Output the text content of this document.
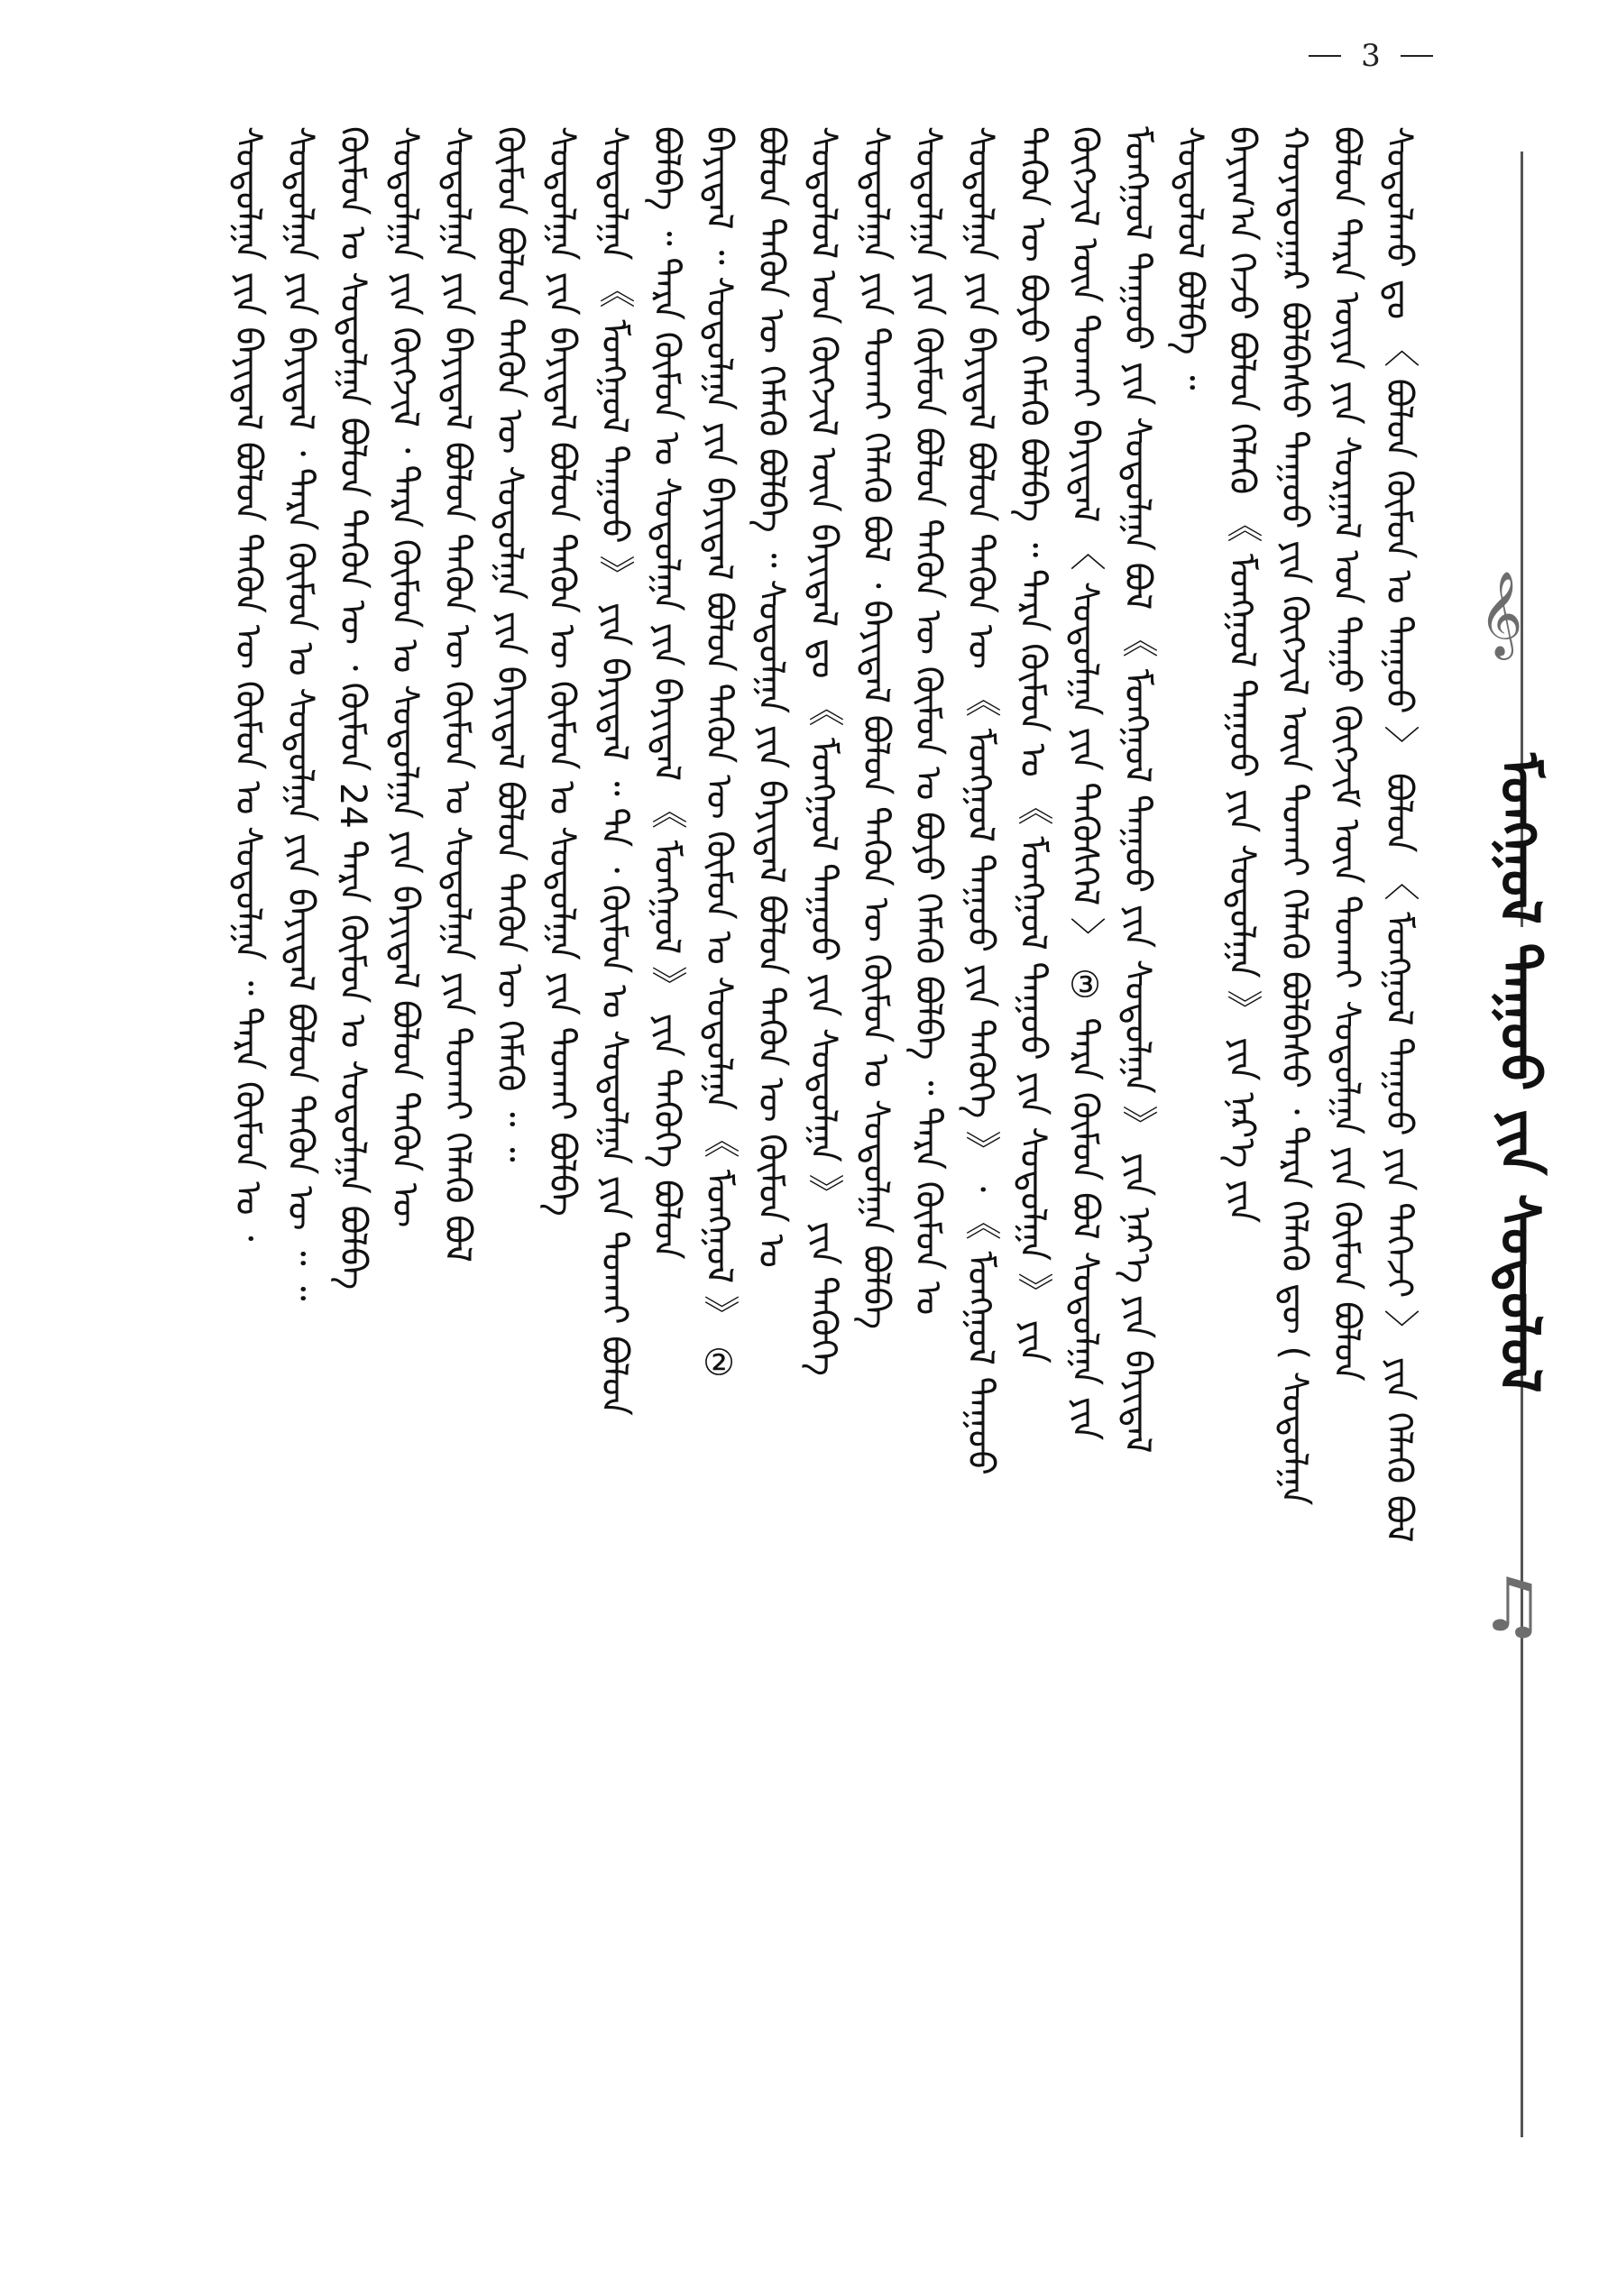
3
𝄞
♫
ᠮᠣᠩᠭᠣᠯ ᠳᠠᠭᠤᠤ ᠶᠢᠨ ᠰᠤᠳᠤᠯᠤᠯ
ᠰᠤᠳᠤᠯᠬᠤ ᠳᠤ 〈 ᠪᠣᠯᠤᠨ ᠬᠦᠮᠦᠨ ᠤ ᠳᠠᠭᠤᠤ 〉 ᠪᠣᠯᠤᠨ 〈 ᠮᠣᠩᠭᠣᠯ ᠳᠠᠭᠤᠤ ᠶᠢᠨ ᠳᠡᠭᠡᠵᠢ 〉 ᠶᠢᠨ ᠬᠡᠯᠡᠬᠦ ᠪᠣᠯ
ᠪᠣᠯᠤᠨ ᠲᠡᠷᠡ ᠦᠶᠡ ᠶᠢᠨ ᠰᠤᠷᠭᠠᠯ ᠤᠨ ᠲᠠᠭᠤ ᠬᠦᠭᠵᠢᠮ ᠦᠨ ᠲᠤᠬᠠᠢ ᠰᠤᠳᠤᠯᠭᠠ ᠶᠢᠨ ᠬᠦᠮᠦᠨ ᠪᠣᠯᠤᠨ
ᠬᠣᠶᠠᠳᠤᠭᠠᠷ ᠪᠣᠯᠪᠠᠰᠤ ᠳᠠᠭᠤᠤ ᠶᠢᠨ ᠬᠥᠭᠵᠢᠯ ᠦᠨ ᠲᠤᠬᠠᠢ ᠬᠡᠯᠡᠬᠦ ᠪᠣᠯᠪᠠᠰᠤ ᠂ ᠲᠡᠷᠡ ᠬᠡᠯᠡᠬᠦ ᠳᠦ ( ᠰᠤᠳᠤᠯᠭᠠ
ᠪᠠᠶᠢᠭ᠎ᠠ ᠭᠡᠵᠦ ᠪᠣᠯᠤᠨ ᠬᠡᠯᠡᠬᠦ 《 ᠮᠣᠩᠭᠣᠯ ᠳᠠᠭᠤᠤ ᠶᠢᠨ ᠰᠤᠳᠤᠯᠭᠠ 》 ᠶᠢᠨ ᠨᠡᠷ᠎ᠡ ᠶᠢᠨ
ᠰᠤᠳᠤᠯᠤᠯ ᠪᠣᠯᠪᠠ ᠃
ᠮᠣᠩᠭᠣᠯ ᠳᠠᠭᠤᠤ ᠶᠢᠨ ᠰᠤᠳᠤᠯᠭᠠ ᠪᠣᠯ 《 ᠮᠣᠩᠭᠣᠯ ᠳᠠᠭᠤᠤ ᠶᠢᠨ ᠰᠤᠳᠤᠯᠭᠠ 》 ᠶᠢᠨ ᠨᠡᠷ᠎ᠡ ᠶᠢᠨ ᠪᠠᠶᠢᠳᠠᠯ
ᠬᠥᠭᠵᠢᠯ ᠦᠨ ᠲᠤᠬᠠᠢ ᠪᠠᠶᠢᠳᠠᠯ 〈 ᠰᠤᠳᠤᠯᠭᠠ ᠶᠢᠨ ᠲᠡᠭᠦᠰᠬᠡᠯ 〉 ③ ᠲᠡᠷᠡ ᠬᠦᠮᠦᠨ ᠪᠣᠯ ᠰᠤᠳᠤᠯᠭᠠ ᠶᠢᠨ
ᠲᠡᠭᠦᠨ ᠦ ᠪᠤᠶᠤ ᠬᠡᠮᠡᠬᠦ ᠪᠣᠯᠪᠠ ᠃ ᠲᠡᠷᠡ ᠬᠦᠮᠦᠨ ᠤ 《 ᠮᠣᠩᠭᠣᠯ ᠳᠠᠭᠤᠤ ᠶᠢᠨ ᠰᠤᠳᠤᠯᠭᠠ 》 ᠶᠢᠨ
ᠰᠤᠳᠤᠯᠭᠠ ᠶᠢᠨ ᠪᠠᠶᠢᠳᠠᠯ ᠪᠣᠯᠤᠨ ᠲᠡᠭᠦᠨ ᠦ 《 ᠮᠣᠩᠭᠣᠯ ᠳᠠᠭᠤᠤ ᠶᠢᠨ ᠲᠡᠭᠦᠬᠡ 》 ᠂ 《 ᠮᠣᠩᠭᠣᠯ ᠳᠠᠭᠤᠤ
ᠰᠤᠳᠤᠯᠭᠠ ᠶᠢᠨ ᠬᠦᠮᠦᠨ ᠪᠣᠯᠤᠨ ᠲᠡᠭᠦᠨ ᠦ ᠬᠦᠮᠦᠨ ᠤ ᠪᠤᠶᠤ ᠬᠡᠮᠡᠬᠦ ᠪᠣᠯᠪᠠ ᠃ ᠲᠡᠷᠡ ᠬᠦᠮᠦᠨ ᠤ
ᠰᠤᠳᠤᠯᠭᠠ ᠶᠢᠨ ᠲᠤᠬᠠᠢ ᠬᠡᠯᠡᠬᠦ ᠪᠣᠯ ᠂ ᠪᠠᠶᠢᠳᠠᠯ ᠪᠣᠯᠤᠨ ᠲᠡᠭᠦᠨ ᠦ ᠬᠦᠮᠦᠨ ᠤ ᠰᠤᠳᠤᠯᠭᠠ ᠪᠣᠯᠪᠠ
ᠰᠤᠳᠤᠯᠤᠯ ᠤᠨ ᠬᠥᠭᠵᠢᠯ ᠦᠨ ᠪᠠᠶᠢᠳᠠᠯ ᠳᠤ 《 ᠮᠣᠩᠭᠣᠯ ᠳᠠᠭᠤᠤ ᠶᠢᠨ ᠰᠤᠳᠤᠯᠭᠠ 》 ᠶᠢᠨ ᠲᠡᠭᠦᠬᠡ
ᠪᠣᠯᠤᠨ ᠲᠡᠭᠦᠨ ᠦ ᠬᠡᠮᠡᠬᠦ ᠪᠣᠯᠪᠠ ᠃ ᠰᠤᠳᠤᠯᠭᠠ ᠶᠢᠨ ᠪᠠᠶᠢᠳᠠᠯ ᠪᠣᠯᠤᠨ ᠲᠡᠭᠦᠨ ᠦ ᠬᠦᠮᠦᠨ ᠤ
ᠪᠠᠶᠢᠳᠠᠯ ᠃ ᠰᠤᠳᠤᠯᠭᠠ ᠶᠢᠨ ᠪᠠᠶᠢᠳᠠᠯ ᠪᠣᠯᠤᠨ ᠲᠡᠭᠦᠨ ᠦ ᠬᠦᠮᠦᠨ ᠤ ᠰᠤᠳᠤᠯᠭᠠ 《 ᠮᠣᠩᠭᠣᠯ 》 ②
ᠪᠣᠯᠪᠠ ᠃ ᠲᠡᠷᠡ ᠬᠦᠮᠦᠨ ᠤ ᠰᠤᠳᠤᠯᠭᠠ ᠶᠢᠨ ᠪᠠᠶᠢᠳᠠᠯ 《 ᠮᠣᠩᠭᠣᠯ 》 ᠶᠢᠨ ᠲᠡᠭᠦᠬᠡ ᠪᠣᠯᠤᠨ
ᠰᠤᠳᠤᠯᠭᠠ 《 ᠮᠣᠩᠭᠣᠯ ᠳᠠᠭᠤᠤ 》 ᠶᠢᠨ ᠪᠠᠶᠢᠳᠠᠯ ᠃ ᠲᠡ ᠂ ᠬᠦᠮᠦᠨ ᠤ ᠰᠤᠳᠤᠯᠭᠠ ᠶᠢᠨ ᠲᠤᠬᠠᠢ ᠪᠣᠯᠤᠨ
ᠰᠤᠳᠤᠯᠭᠠ ᠶᠢᠨ ᠪᠠᠶᠢᠳᠠᠯ ᠪᠣᠯᠤᠨ ᠲᠡᠭᠦᠨ ᠦ ᠬᠦᠮᠦᠨ ᠤ ᠰᠤᠳᠤᠯᠭᠠ ᠶᠢᠨ ᠲᠤᠬᠠᠢ ᠪᠣᠯᠪᠠ
ᠬᠦᠮᠦᠨ ᠪᠣᠯᠤᠨ ᠲᠡᠭᠦᠨ ᠦ ᠰᠤᠳᠤᠯᠭᠠ ᠶᠢᠨ ᠪᠠᠶᠢᠳᠠᠯ ᠪᠣᠯᠤᠨ ᠲᠡᠭᠦᠨ ᠦ ᠬᠡᠮᠡᠬᠦ ᠃ ᠃
ᠰᠤᠳᠤᠯᠭᠠ ᠶᠢᠨ ᠪᠠᠶᠢᠳᠠᠯ ᠪᠣᠯᠤᠨ ᠲᠡᠭᠦᠨ ᠦ ᠬᠦᠮᠦᠨ ᠤ ᠰᠤᠳᠤᠯᠭᠠ ᠶᠢᠨ ᠲᠤᠬᠠᠢ ᠬᠡᠯᠡᠬᠦ ᠪᠣᠯ
ᠰᠤᠳᠤᠯᠭᠠ ᠶᠢᠨ ᠬᠥᠭᠵᠢᠯ ᠂ ᠲᠡᠷᠡ ᠬᠦᠮᠦᠨ ᠤ ᠰᠤᠳᠤᠯᠭᠠ ᠶᠢᠨ ᠪᠠᠶᠢᠳᠠᠯ ᠪᠣᠯᠤᠨ ᠲᠡᠭᠦᠨ ᠦ
ᠬᠦᠮᠦᠨ ᠤ ᠰᠤᠳᠤᠯᠭᠠ ᠪᠣᠯᠤᠨ ᠲᠡᠭᠦᠨ ᠦ ᠂ ᠬᠦᠮᠦᠨ 24 ᠲᠡᠷᠡ ᠬᠦᠮᠦᠨ ᠤ ᠰᠤᠳᠤᠯᠭᠠ ᠪᠣᠯᠪᠠ
ᠰᠤᠳᠤᠯᠭᠠ ᠶᠢᠨ ᠪᠠᠶᠢᠳᠠᠯ ᠂ ᠲᠡᠷᠡ ᠬᠦᠮᠦᠨ ᠤ ᠰᠤᠳᠤᠯᠭᠠ ᠶᠢᠨ ᠪᠠᠶᠢᠳᠠᠯ ᠪᠣᠯᠤᠨ ᠲᠡᠭᠦᠨ ᠦ ᠃ ᠃
ᠰᠤᠳᠤᠯᠭᠠ ᠶᠢᠨ ᠪᠠᠶᠢᠳᠠᠯ ᠪᠣᠯᠤᠨ ᠲᠡᠭᠦᠨ ᠦ ᠬᠦᠮᠦᠨ ᠤ ᠰᠤᠳᠤᠯᠭᠠ ᠃ ᠲᠡᠷᠡ ᠬᠦᠮᠦᠨ ᠤ ᠂
